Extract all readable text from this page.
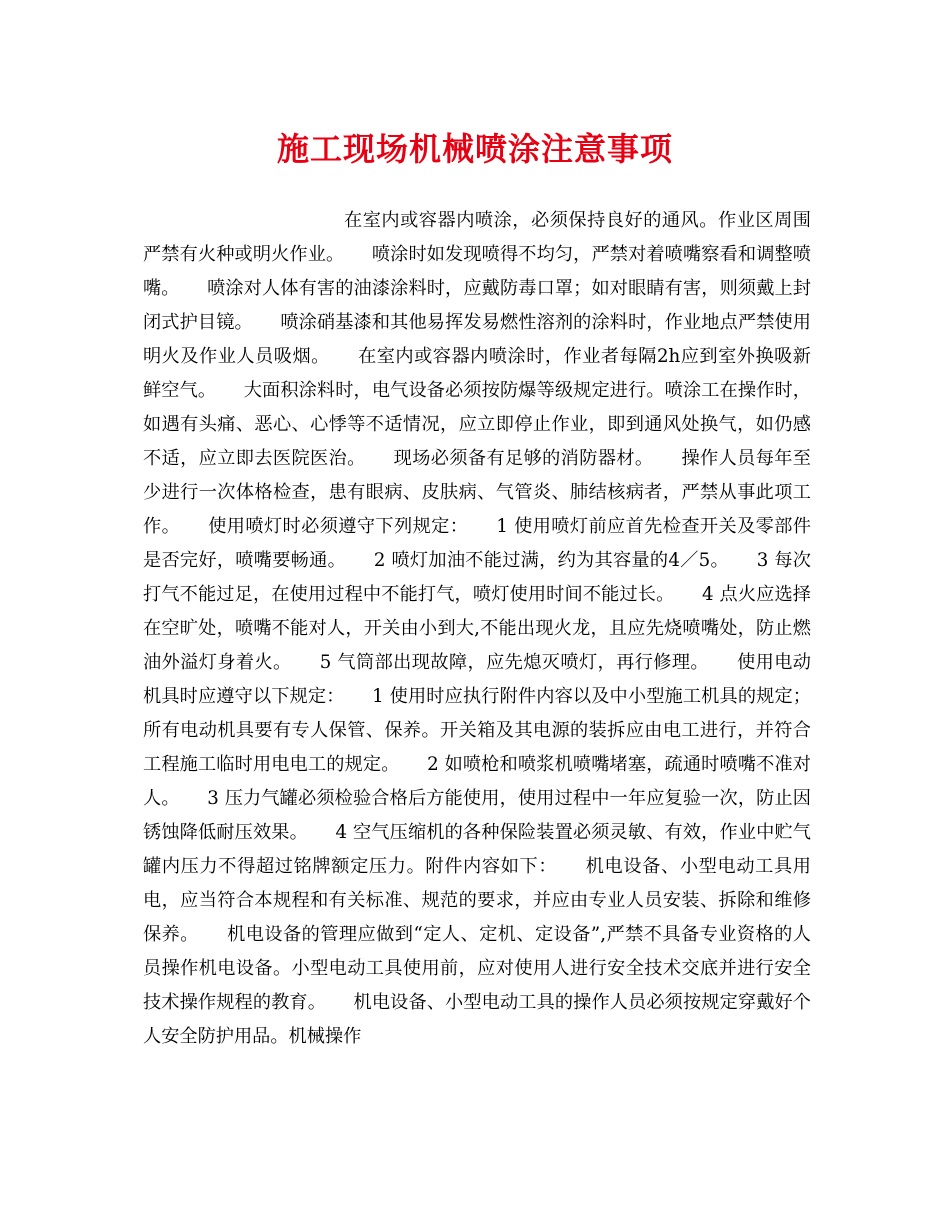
施工现场机械喷涂注意事项

在室内或容器内喷涂，必须保持良好的通风。作业区周围严禁有火种或明火作业。　　喷涂时如发现喷得不均匀，严禁对着喷嘴察看和调整喷嘴。　　喷涂对人体有害的油漆涂料时，应戴防毒口罩；如对眼睛有害，则须戴上封闭式护目镜。　　喷涂硝基漆和其他易挥发易燃性溶剂的涂料时，作业地点严禁使用明火及作业人员吸烟。　　在室内或容器内喷涂时，作业者每隔2h应到室外换吸新鲜空气。　　大面积涂料时，电气设备必须按防爆等级规定进行。喷涂工在操作时，如遇有头痛、恶心、心悸等不适情况，应立即停止作业，即到通风处换气，如仍感不适，应立即去医院医治。　　现场必须备有足够的消防器材。　　操作人员每年至少进行一次体格检查，患有眼病、皮肤病、气管炎、肺结核病者，严禁从事此项工作。　　使用喷灯时必须遵守下列规定：　　1 使用喷灯前应首先检查开关及零部件是否完好，喷嘴要畅通。　　2 喷灯加油不能过满，约为其容量的4／5。　　3 每次打气不能过足，在使用过程中不能打气，喷灯使用时间不能过长。　　4 点火应选择在空旷处，喷嘴不能对人，开关由小到大,不能出现火龙，且应先烧喷嘴处，防止燃油外溢灯身着火。　　5 气筒部出现故障，应先熄灭喷灯，再行修理。　　使用电动机具时应遵守以下规定：　　1 使用时应执行附件内容以及中小型施工机具的规定；所有电动机具要有专人保管、保养。开关箱及其电源的装拆应由电工进行，并符合工程施工临时用电电工的规定。　　2 如喷枪和喷浆机喷嘴堵塞，疏通时喷嘴不准对人。　　3 压力气罐必须检验合格后方能使用，使用过程中一年应复验一次，防止因锈蚀降低耐压效果。　　4 空气压缩机的各种保险装置必须灵敏、有效，作业中贮气罐内压力不得超过铭牌额定压力。附件内容如下：　　机电设备、小型电动工具用电，应当符合本规程和有关标准、规范的要求，并应由专业人员安装、拆除和维修保养。　　机电设备的管理应做到“定人、定机、定设备”,严禁不具备专业资格的人员操作机电设备。小型电动工具使用前，应对使用人进行安全技术交底并进行安全技术操作规程的教育。　　机电设备、小型电动工具的操作人员必须按规定穿戴好个人安全防护用品。机械操作
